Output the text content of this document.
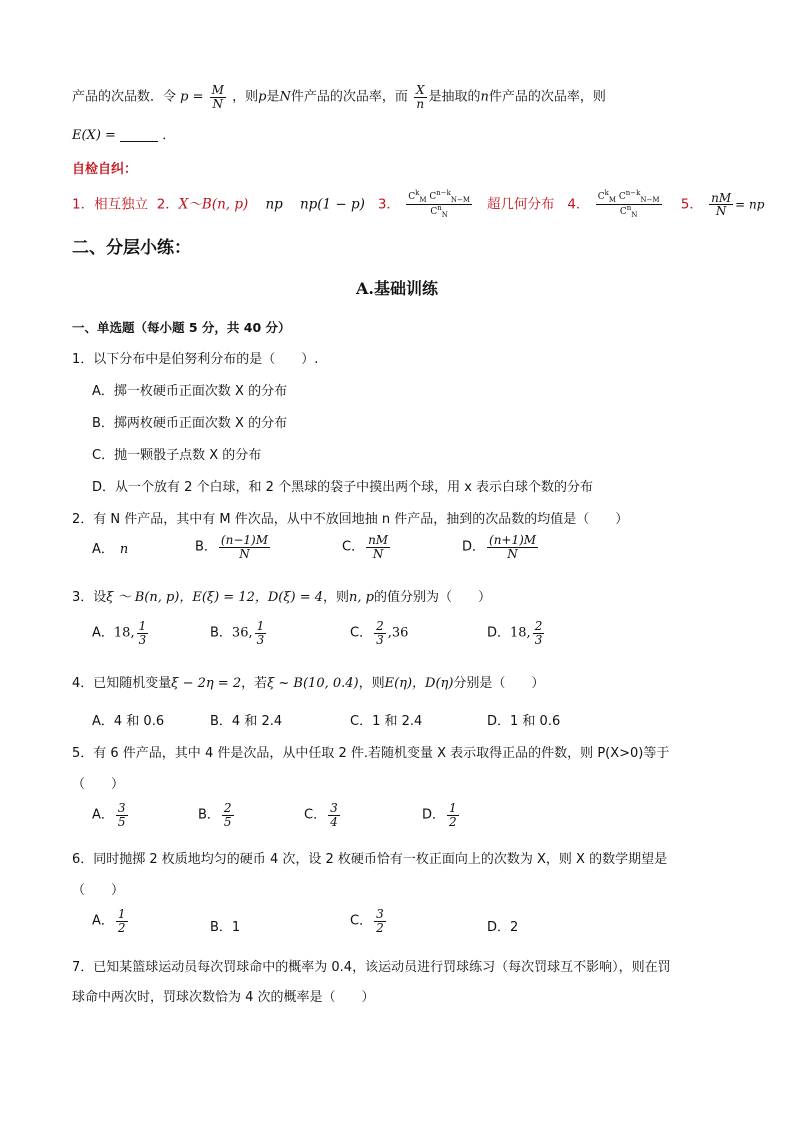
产品的次品数．令 $p = \frac{M}{N}$ ，则p是N件产品的次品率，而 $\frac{X}{n}$ 是抽取的n件产品的次品率，则
E(X) =	．
自检自纠：
1．相互独立 2．X～B(n, p) np np(1 − p) 3． $\frac{C^k_M C^{n-k}_{N-M}}{C^n_N}$ 超几何分布 4． $\frac{C^k_M C^{n-k}_{N-M}}{C^n_N} 5$． $\frac{nM}{N}$ = np
二、分层小练：
A.基础训练
一、单选题（每小题 5 分，共 40 分）
1．以下分布中是伯努利分布的是（　　）.
A．掷一枚硬币正面次数 X 的分布
B．掷两枚硬币正面次数 X 的分布
C．抛一颗骰子点数 X 的分布
D．从一个放有 2 个白球，和 2 个黑球的袋子中摸出两个球，用 x 表示白球个数的分布
2．有 N 件产品，其中有 M 件次品，从中不放回地抽 n 件产品，抽到的次品数的均值是（　　）
A． n	B． $\frac{(n-1)M}{N}$	C． $\frac{nM}{N}$	D． $\frac{(n+1)M}{N}$
3．设ξ ～ B(n, p)，E(ξ) = 12，D(ξ) = 4，则n, p的值分别为（　　）
A．18, $\frac{1}{3}$	B．36, $\frac{1}{3}$	C． $\frac{2}{3} ,36$	D．18, $\frac{2}{3}$
4．已知随机变量ξ − 2η = 2，若ξ ~ B(10, 0.4)，则E(η)，D(η)分别是（　　）
A．4 和 0.6	B．4 和 2.4	C．1 和 2.4	D．1 和 0.6
5．有 6 件产品，其中 4 件是次品，从中任取 2 件.若随机变量 X 表示取得正品的件数，则 P(X>0)等于
（　　）
A． $\frac{3}{5}$	B． $\frac{2}{5}$	C． $\frac{3}{4}$	D． $\frac{1}{2}$
6．同时抛掷 2 枚质地均匀的硬币 4 次，设 2 枚硬币恰有一枚正面向上的次数为 X，则 X 的数学期望是
（　　）
A． $\frac{1}{2}$	B．1	C． $\frac{3}{2}$	D．2
7．已知某篮球运动员每次罚球命中的概率为 0.4，该运动员进行罚球练习（每次罚球互不影响），则在罚
球命中两次时，罚球次数恰为 4 次的概率是（　　）
